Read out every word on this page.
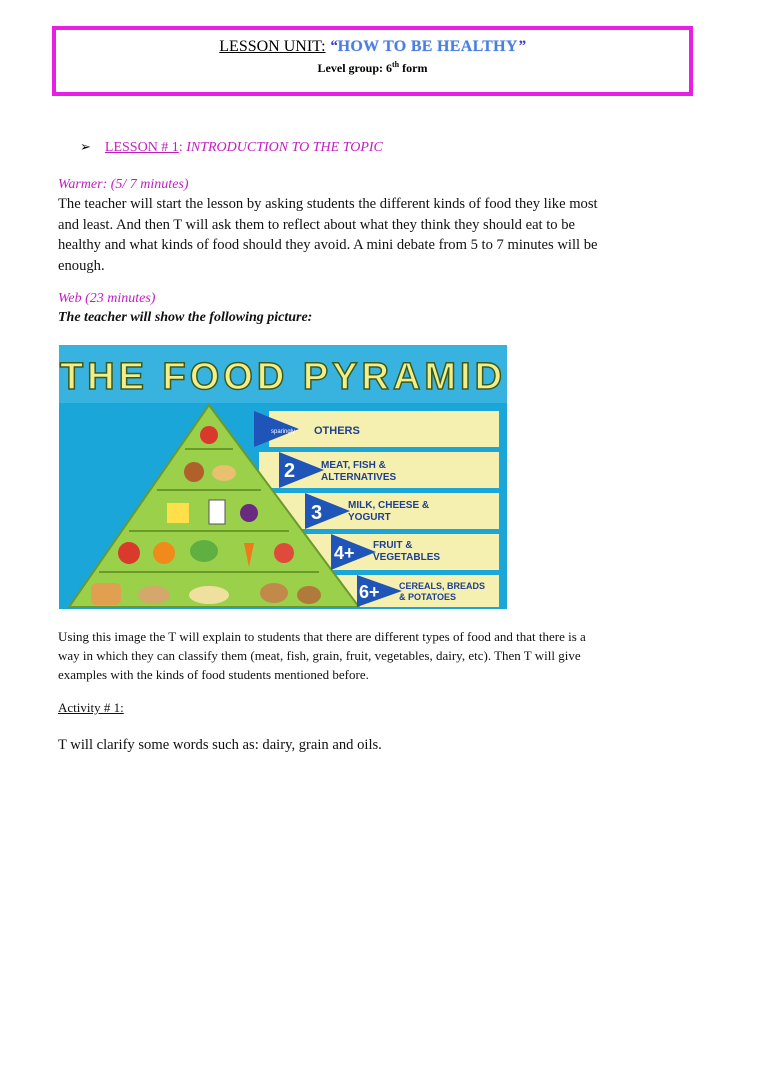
LESSON UNIT: “HOW TO BE HEALTHY”
Level group: 6th form
➢ LESSON # 1: INTRODUCTION TO THE TOPIC
Warmer: (5/ 7 minutes)
The teacher will start the lesson by asking students the different kinds of food they like most
and least. And then T will ask them to reflect about what they think they should eat to be
healthy and what kinds of food should they avoid. A mini debate from 5 to 7 minutes will be
enough.
Web (23 minutes)
The teacher will show the following picture:
THE FOOD PYRAMID
sparingly OTHERS
2	MEAT, FISH &
ALTERNATIVES
3	MILK, CHEESE &
YOGURT
4+ FRUIT &
VEGETABLES
6+ CEREALS, BREADS
& POTATOES
Using this image the T will explain to students that there are different types of food and that there is a
way in which they can classify them (meat, fish, grain, fruit, vegetables, dairy, etc). Then T will give
examples with the kinds of food students mentioned before.
Activity # 1:
T will clarify some words such as: dairy, grain and oils.
